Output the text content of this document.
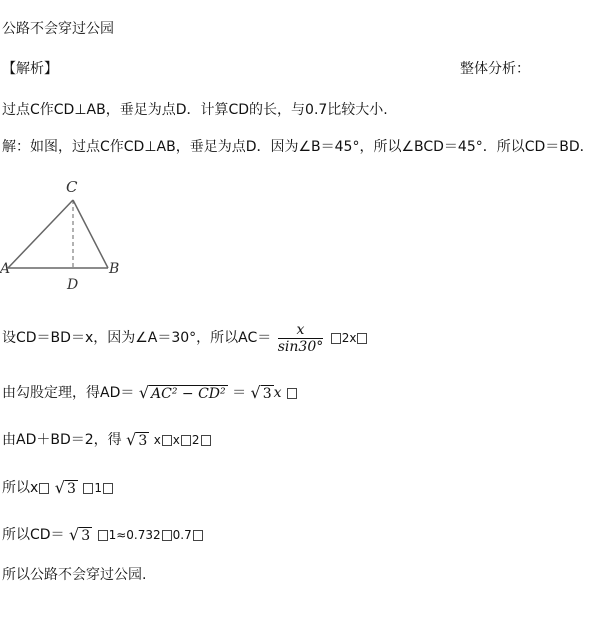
公路不会穿过公园
【解析】	整体分析：
过点C作CD⊥AB，垂足为点D．计算CD的长，与0.7比较大小.
解：如图，过点C作CD⊥AB，垂足为点D．因为∠B＝45°，所以∠BCD＝45°．所以CD＝BD．
C
A
D
B
设CD＝BD＝x，因为∠A＝30°，所以$AC= \frac{x}{\sin 30^\circ} 2x$
由勾股定理，得AD＝ √ AC² − CD² ＝ √ 3 x
由AD＋BD＝2，得 √ 3 x x 2
所以x √ 3 1
所以CD＝ √ 3 1≈0.732 0.7
所以公路不会穿过公园.
